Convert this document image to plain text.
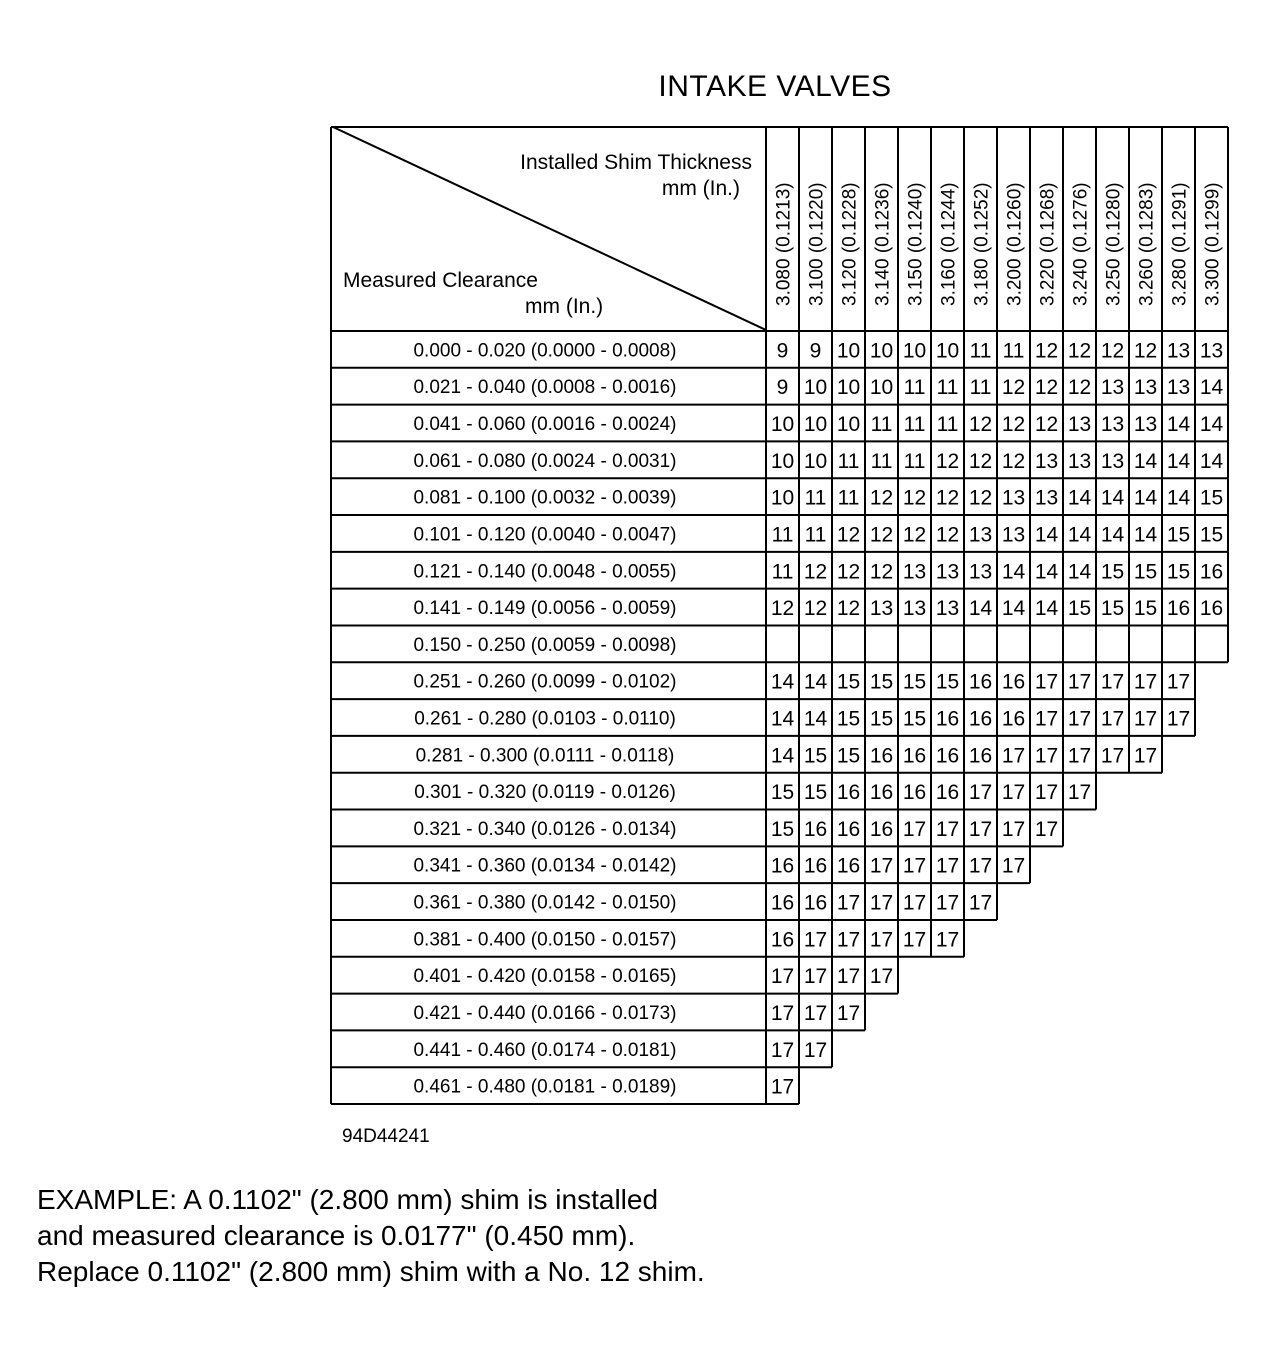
INTAKE VALVES
Installed Shim Thickness
mm (In.)
Measured Clearance
mm (In.)
3.080 (0.1213) 3.100 (0.1220) 3.120 (0.1228) 3.140 (0.1236) 3.150 (0.1240) 3.160 (0.1244) 3.180 (0.1252) 3.200 (0.1260) 3.220 (0.1268) 3.240 (0.1276) 3.250 (0.1280) 3.260 (0.1283) 3.280 (0.1291) 3.300 (0.1299)
0.000 - 0.020 (0.0000 - 0.0008)
0.021 - 0.040 (0.0008 - 0.0016)
0.041 - 0.060 (0.0016 - 0.0024)
0.061 - 0.080 (0.0024 - 0.0031)
0.081 - 0.100 (0.0032 - 0.0039)
0.101 - 0.120 (0.0040 - 0.0047)
0.121 - 0.140 (0.0048 - 0.0055)
0.141 - 0.149 (0.0056 - 0.0059)
0.150 - 0.250 (0.0059 - 0.0098)
0.251 - 0.260 (0.0099 - 0.0102)
0.261 - 0.280 (0.0103 - 0.0110)
0.281 - 0.300 (0.0111 - 0.0118)
0.301 - 0.320 (0.0119 - 0.0126)
0.321 - 0.340 (0.0126 - 0.0134)
0.341 - 0.360 (0.0134 - 0.0142)
0.361 - 0.380 (0.0142 - 0.0150)
0.381 - 0.400 (0.0150 - 0.0157)
0.401 - 0.420 (0.0158 - 0.0165)
0.421 - 0.440 (0.0166 - 0.0173)
0.441 - 0.460 (0.0174 - 0.0181)
0.461 - 0.480 (0.0181 - 0.0189)
9 9 10 10 10 10 11 11 12 12 12 12 13 13
9 10 10 10 11 11 11 12 12 12 13 13 13 14
10 10 10 11 11 11 12 12 12 13 13 13 14 14
10 10 11 11 11 12 12 12 13 13 13 14 14 14
10 11 11 12 12 12 12 13 13 14 14 14 14 15
11 11 12 12 12 12 13 13 14 14 14 14 15 15
11 12 12 12 13 13 13 14 14 14 15 15 15 16
12 12 12 13 13 13 14 14 14 15 15 15 16 16
14 14 15 15 15 15 16 16 17 17 17 17 17
14 14 15 15 15 16 16 16 17 17 17 17 17
14 15 15 16 16 16 16 17 17 17 17 17
15 15 16 16 16 16 17 17 17 17
15 16 16 16 17 17 17 17 17
16 16 16 17 17 17 17 17
16 16 17 17 17 17 17
16 17 17 17 17 17
17 17 17 17
17 17 17
17 17
17
94D44241
EXAMPLE: A 0.1102" (2.800 mm) shim is installed
and measured clearance is 0.0177" (0.450 mm).
Replace 0.1102" (2.800 mm) shim with a No. 12 shim.
